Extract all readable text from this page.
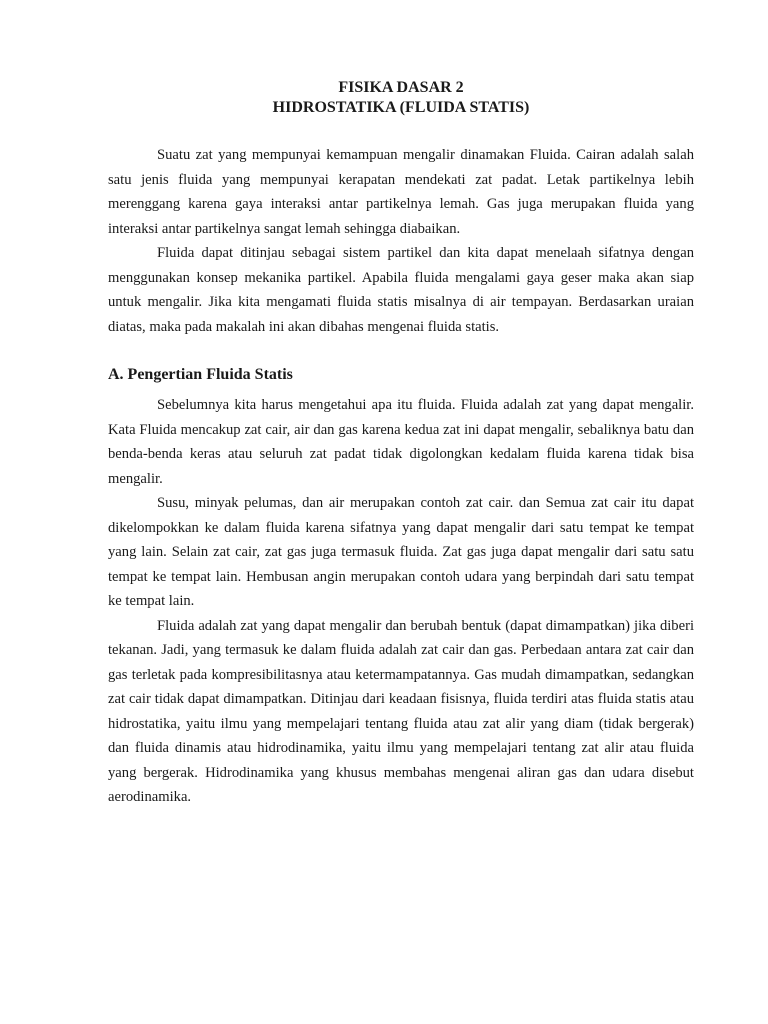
FISIKA DASAR 2

HIDROSTATIKA (FLUIDA STATIS)

Suatu zat yang mempunyai kemampuan mengalir dinamakan Fluida. Cairan adalah salah satu jenis fluida yang mempunyai kerapatan mendekati zat padat. Letak partikelnya lebih merenggang karena gaya interaksi antar partikelnya lemah. Gas juga merupakan fluida yang interaksi antar partikelnya sangat lemah sehingga diabaikan.

Fluida dapat ditinjau sebagai sistem partikel dan kita dapat menelaah sifatnya dengan menggunakan konsep mekanika partikel. Apabila fluida mengalami gaya geser maka akan siap untuk mengalir. Jika kita mengamati fluida statis misalnya di air tempayan. Berdasarkan uraian diatas, maka pada makalah ini akan dibahas mengenai fluida statis.

A. Pengertian Fluida Statis

Sebelumnya kita harus mengetahui apa itu fluida. Fluida adalah zat yang dapat mengalir. Kata Fluida mencakup zat cair, air dan gas karena kedua zat ini dapat mengalir, sebaliknya batu dan benda-benda keras atau seluruh zat padat tidak digolongkan kedalam fluida karena tidak bisa mengalir.

Susu, minyak pelumas, dan air merupakan contoh zat cair. dan Semua zat cair itu dapat dikelompokkan ke dalam fluida karena sifatnya yang dapat mengalir dari satu tempat ke tempat yang lain. Selain zat cair, zat gas juga termasuk fluida. Zat gas juga dapat mengalir dari satu satu tempat ke tempat lain. Hembusan angin merupakan contoh udara yang berpindah dari satu tempat ke tempat lain.

Fluida adalah zat yang dapat mengalir dan berubah bentuk (dapat dimampatkan) jika diberi tekanan. Jadi, yang termasuk ke dalam fluida adalah zat cair dan gas. Perbedaan antara zat cair dan gas terletak pada kompresibilitasnya atau ketermampatannya. Gas mudah dimampatkan, sedangkan zat cair tidak dapat dimampatkan. Ditinjau dari keadaan fisisnya, fluida terdiri atas fluida statis atau hidrostatika, yaitu ilmu yang mempelajari tentang fluida atau zat alir yang diam (tidak bergerak) dan fluida dinamis atau hidrodinamika, yaitu ilmu yang mempelajari tentang zat alir atau fluida yang bergerak. Hidrodinamika yang khusus membahas mengenai aliran gas dan udara disebut aerodinamika.
